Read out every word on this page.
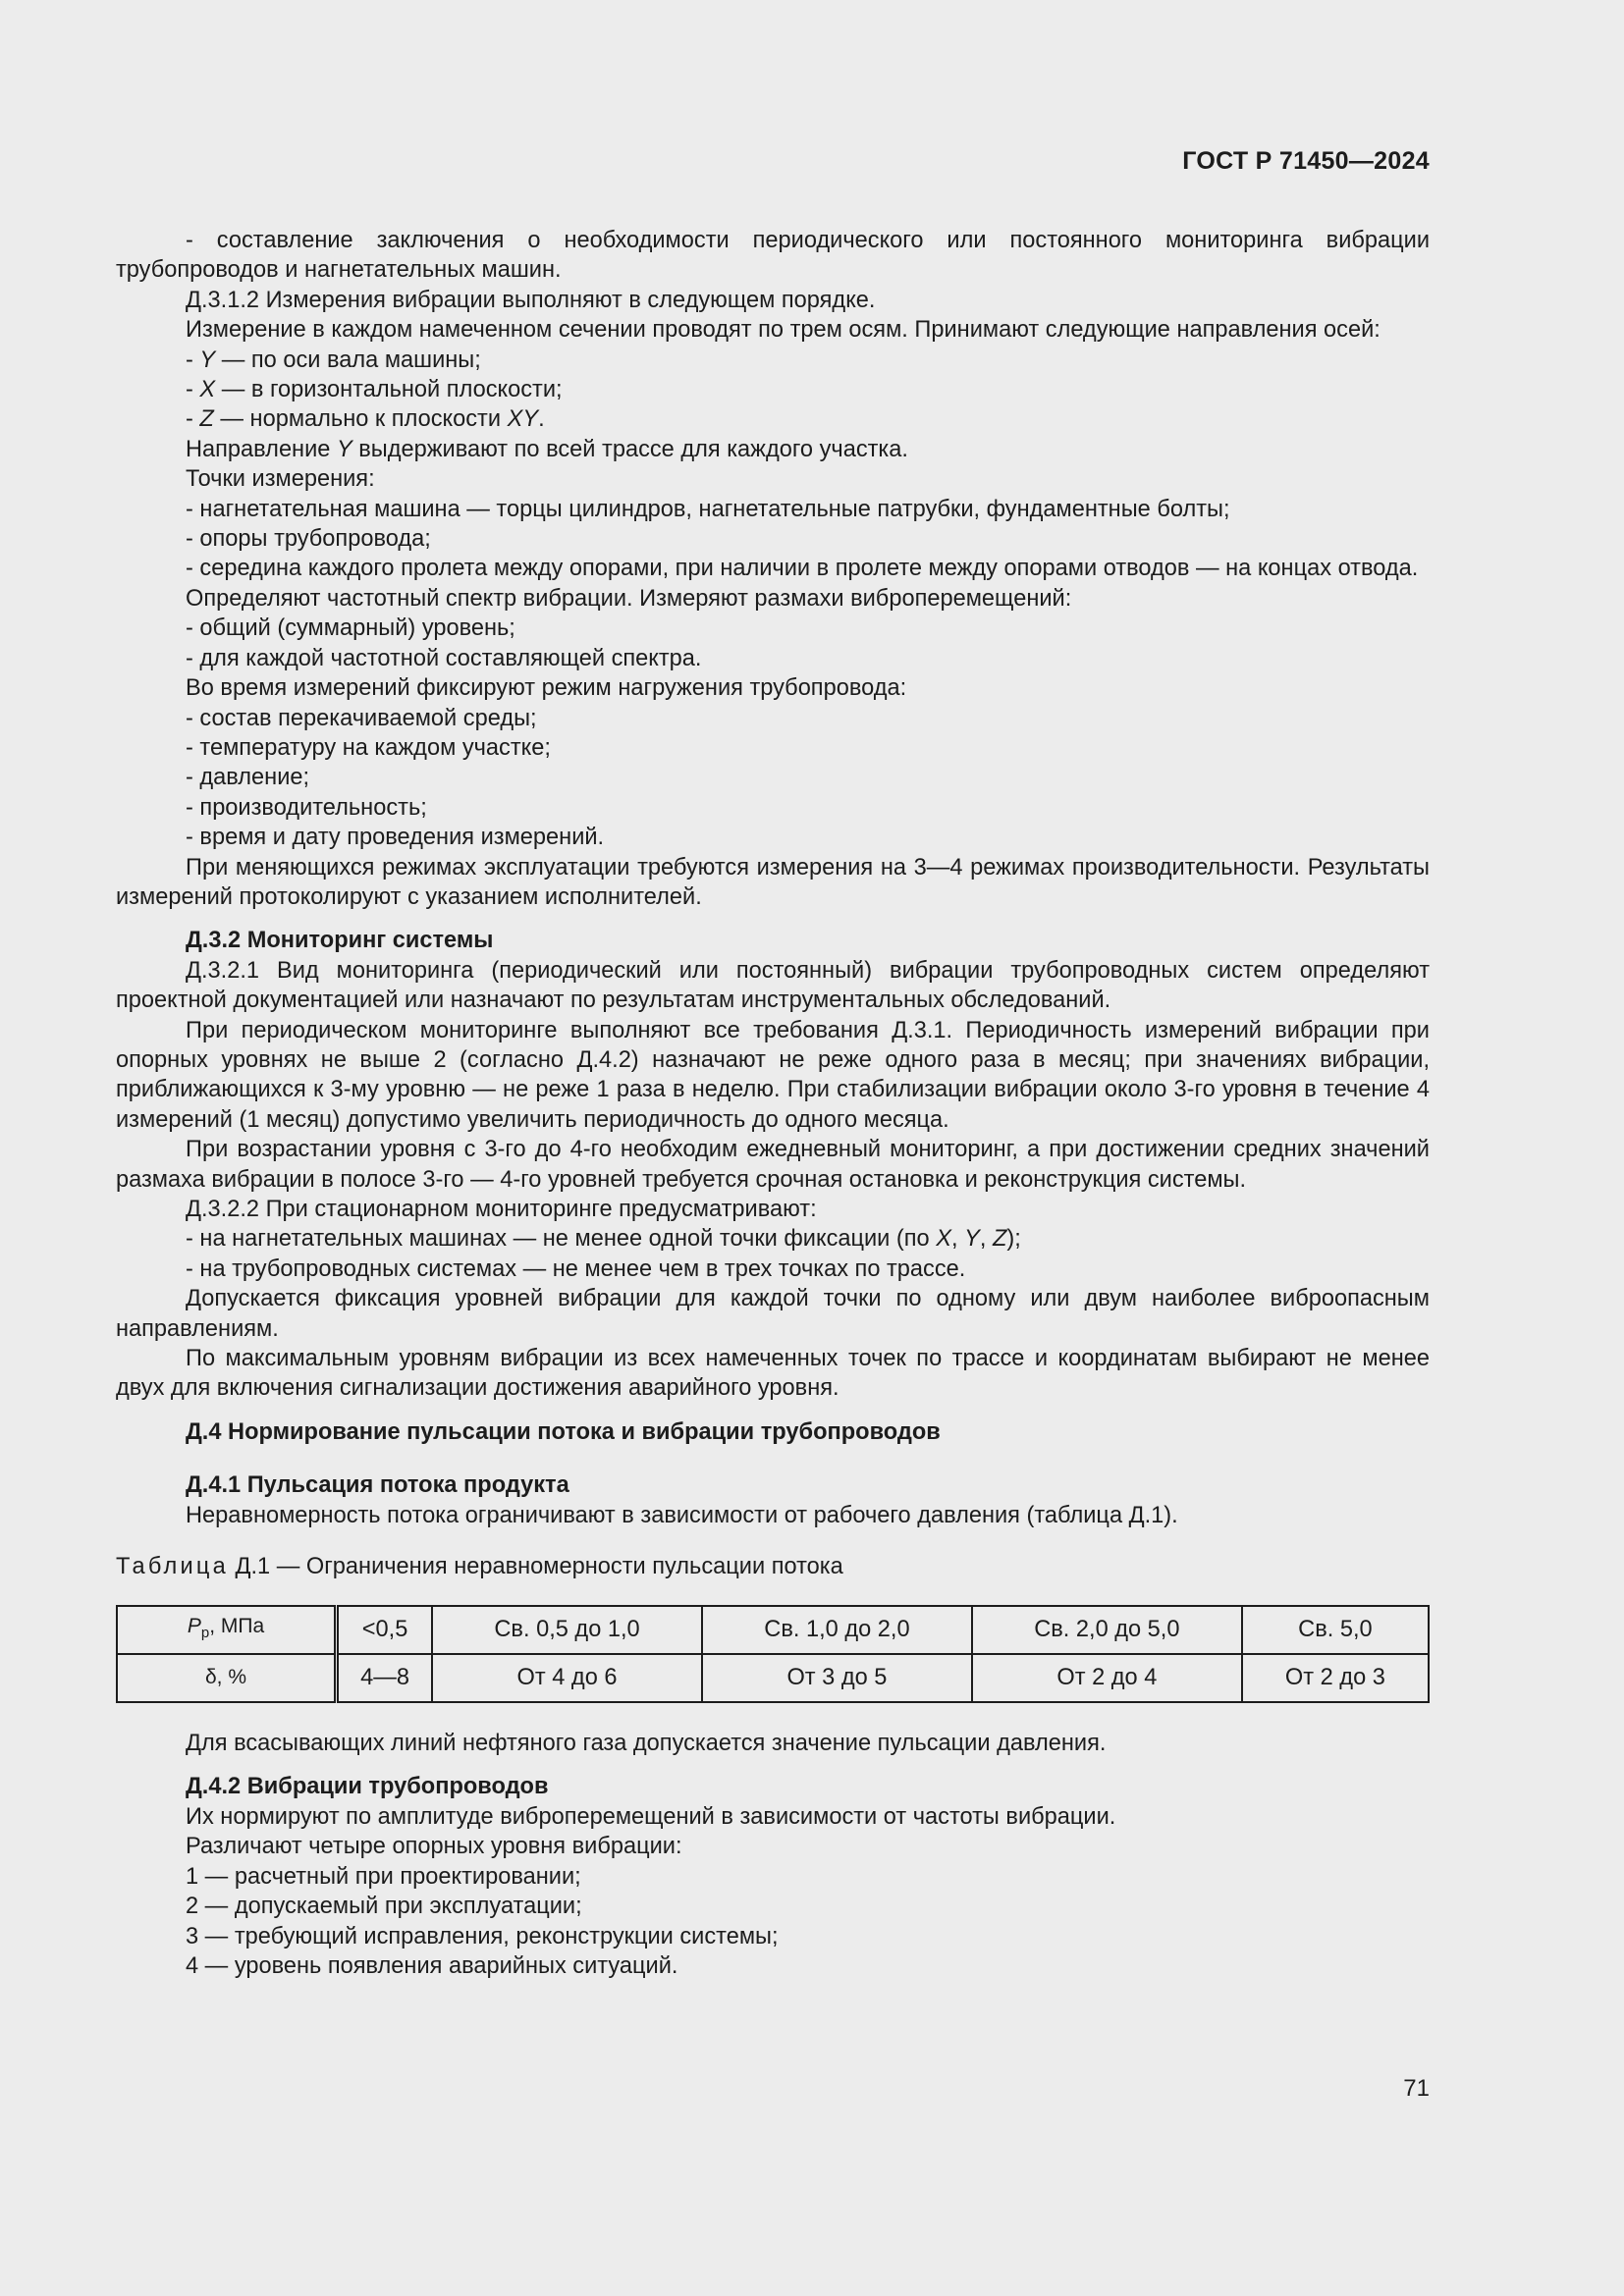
ГОСТ Р 71450—2024

- составление заключения о необходимости периодического или постоянного мониторинга вибрации трубопроводов и нагнетательных машин.

Д.3.1.2 Измерения вибрации выполняют в следующем порядке.

Измерение в каждом намеченном сечении проводят по трем осям. Принимают следующие направления осей:

- Y — по оси вала машины;

- X — в горизонтальной плоскости;

- Z — нормально к плоскости XY.

Направление Y выдерживают по всей трассе для каждого участка.

Точки измерения:

- нагнетательная машина — торцы цилиндров, нагнетательные патрубки, фундаментные болты;

- опоры трубопровода;

- середина каждого пролета между опорами, при наличии в пролете между опорами отводов — на концах отвода.

Определяют частотный спектр вибрации. Измеряют размахи виброперемещений:

- общий (суммарный) уровень;

- для каждой частотной составляющей спектра.

Во время измерений фиксируют режим нагружения трубопровода:

- состав перекачиваемой среды;

- температуру на каждом участке;

- давление;

- производительность;

- время и дату проведения измерений.

При меняющихся режимах эксплуатации требуются измерения на 3—4 режимах производительности. Результаты измерений протоколируют с указанием исполнителей.

Д.3.2 Мониторинг системы

Д.3.2.1 Вид мониторинга (периодический или постоянный) вибрации трубопроводных систем определяют проектной документацией или назначают по результатам инструментальных обследований.

При периодическом мониторинге выполняют все требования Д.3.1. Периодичность измерений вибрации при опорных уровнях не выше 2 (согласно Д.4.2) назначают не реже одного раза в месяц; при значениях вибрации, приближающихся к 3-му уровню — не реже 1 раза в неделю. При стабилизации вибрации около 3-го уровня в течение 4 измерений (1 месяц) допустимо увеличить периодичность до одного месяца.

При возрастании уровня с 3-го до 4-го необходим ежедневный мониторинг, а при достижении средних значений размаха вибрации в полосе 3-го — 4-го уровней требуется срочная остановка и реконструкция системы.

Д.3.2.2 При стационарном мониторинге предусматривают:

- на нагнетательных машинах — не менее одной точки фиксации (по X, Y, Z);

- на трубопроводных системах — не менее чем в трех точках по трассе.

Допускается фиксация уровней вибрации для каждой точки по одному или двум наиболее виброопасным направлениям.

По максимальным уровням вибрации из всех намеченных точек по трассе и координатам выбирают не менее двух для включения сигнализации достижения аварийного уровня.

Д.4 Нормирование пульсации потока и вибрации трубопроводов

Д.4.1 Пульсация потока продукта

Неравномерность потока ограничивают в зависимости от рабочего давления (таблица Д.1).

Таблица Д.1 — Ограничения неравномерности пульсации потока

$P_р$, МПа	<0,5	Св. 0,5 до 1,0	Св. 1,0 до 2,0	Св. 2,0 до 5,0	Св. 5,0
δ, %	4—8	От 4 до 6	От 3 до 5	От 2 до 4	От 2 до 3

Для всасывающих линий нефтяного газа допускается значение пульсации давления.

Д.4.2 Вибрации трубопроводов

Их нормируют по амплитуде виброперемещений в зависимости от частоты вибрации.

Различают четыре опорных уровня вибрации:

1 — расчетный при проектировании;

2 — допускаемый при эксплуатации;

3 — требующий исправления, реконструкции системы;

4 — уровень появления аварийных ситуаций.

71
